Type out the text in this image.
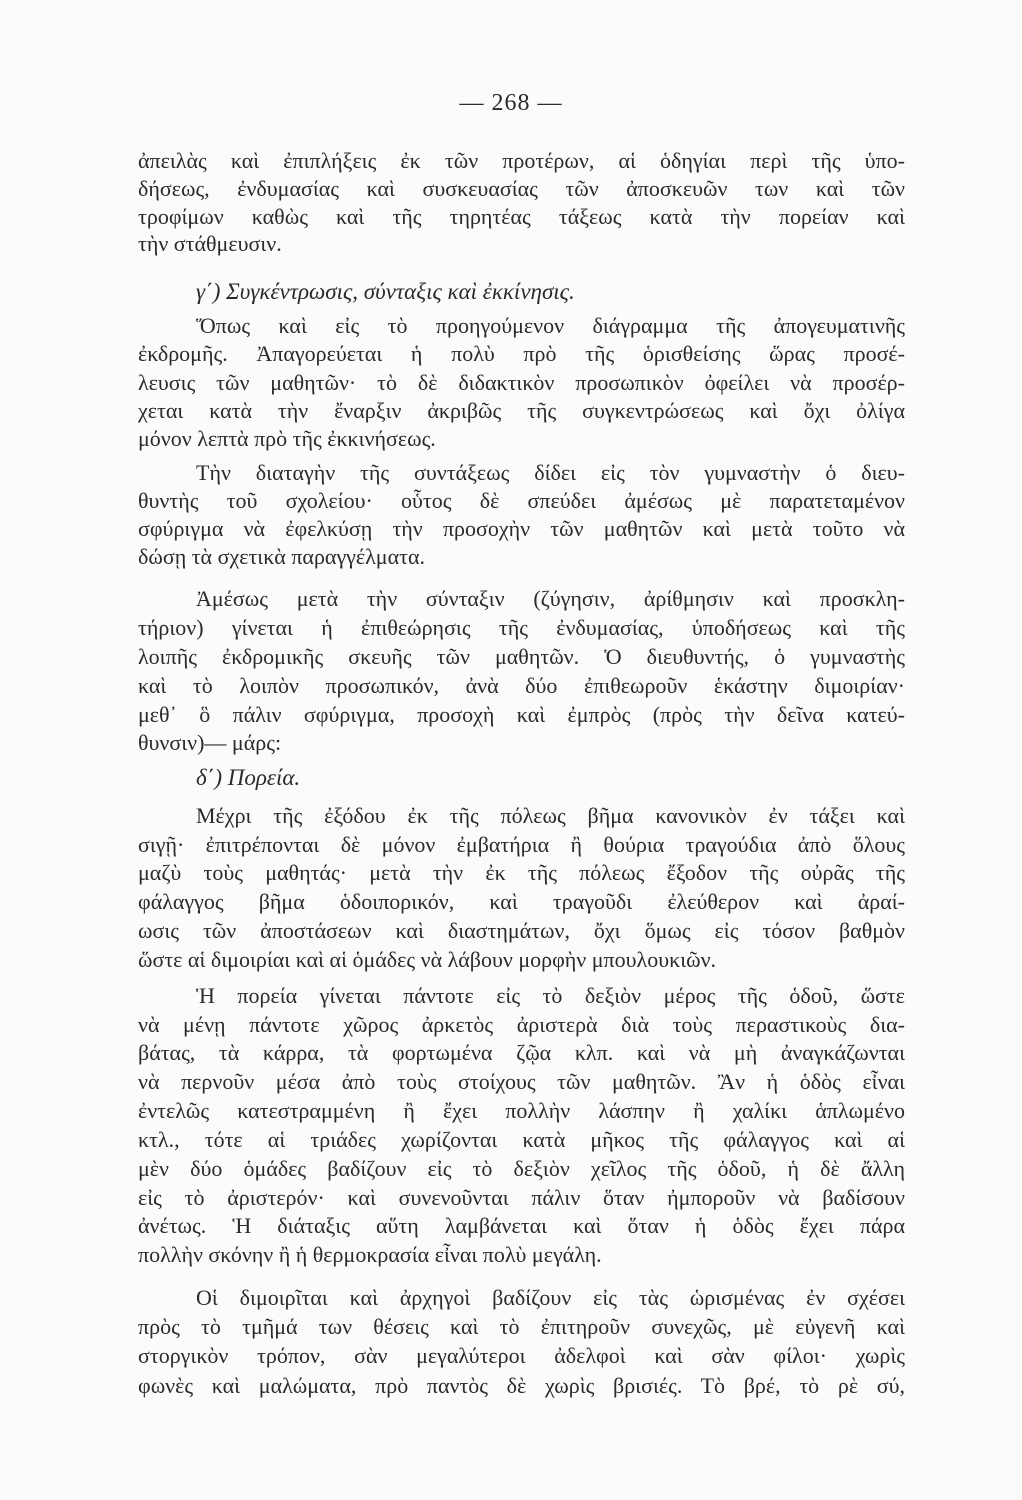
— 268 —
ἀπειλὰς καὶ ἐπιπλήξεις ἐκ τῶν προτέρων, αἱ ὁδηγίαι περὶ τῆς ὑπο-
δήσεως, ἐνδυμασίας καὶ συσκευασίας τῶν ἀποσκευῶν των καὶ τῶν
τροφίμων καθὼς καὶ τῆς τηρητέας τάξεως κατὰ τὴν πορείαν καὶ
τὴν στάθμευσιν.
γ΄) Συγκέντρωσις, σύνταξις καὶ ἐκκίνησις.
Ὅπως καὶ εἰς τὸ προηγούμενον διάγραμμα τῆς ἀπογευματινῆς
ἐκδρομῆς. Ἀπαγορεύεται ἡ πολὺ πρὸ τῆς ὁρισθείσης ὥρας προσέ-
λευσις τῶν μαθητῶν· τὸ δὲ διδακτικὸν προσωπικὸν ὀφείλει νὰ προσέρ-
χεται κατὰ τὴν ἔναρξιν ἀκριβῶς τῆς συγκεντρώσεως καὶ ὄχι ὀλίγα
μόνον λεπτὰ πρὸ τῆς ἐκκινήσεως.
Τὴν διαταγὴν τῆς συντάξεως δίδει εἰς τὸν γυμναστὴν ὁ διευ-
θυντὴς τοῦ σχολείου· οὗτος δὲ σπεύδει ἀμέσως μὲ παρατεταμένον
σφύριγμα νὰ ἐφελκύσῃ τὴν προσοχὴν τῶν μαθητῶν καὶ μετὰ τοῦτο νὰ
δώσῃ τὰ σχετικὰ παραγγέλματα.
Ἀμέσως μετὰ τὴν σύνταξιν (ζύγησιν, ἀρίθμησιν καὶ προσκλη-
τήριον) γίνεται ἡ ἐπιθεώρησις τῆς ἐνδυμασίας, ὑποδήσεως καὶ τῆς
λοιπῆς ἐκδρομικῆς σκευῆς τῶν μαθητῶν. Ὁ διευθυντής, ὁ γυμναστὴς
καὶ τὸ λοιπὸν προσωπικόν, ἀνὰ δύο ἐπιθεωροῦν ἑκάστην διμοιρίαν·
μεθ᾽ ὃ πάλιν σφύριγμα, προσοχὴ καὶ ἐμπρὸς (πρὸς τὴν δεῖνα κατεύ-
θυνσιν)— μάρς:
δ΄) Πορεία.
Μέχρι τῆς ἐξόδου ἐκ τῆς πόλεως βῆμα κανονικὸν ἐν τάξει καὶ
σιγῇ· ἐπιτρέπονται δὲ μόνον ἐμβατήρια ἢ θούρια τραγούδια ἀπὸ ὅλους
μαζὺ τοὺς μαθητάς· μετὰ τὴν ἐκ τῆς πόλεως ἔξοδον τῆς οὐρᾶς τῆς
φάλαγγος βῆμα ὁδοιπορικόν, καὶ τραγοῦδι ἐλεύθερον καὶ ἀραί-
ωσις τῶν ἀποστάσεων καὶ διαστημάτων, ὄχι ὅμως εἰς τόσον βαθμὸν
ὥστε αἱ διμοιρίαι καὶ αἱ ὁμάδες νὰ λάβουν μορφὴν μπουλουκιῶν.
Ἡ πορεία γίνεται πάντοτε εἰς τὸ δεξιὸν μέρος τῆς ὁδοῦ, ὥστε
νὰ μένῃ πάντοτε χῶρος ἀρκετὸς ἀριστερὰ διὰ τοὺς περαστικοὺς δια-
βάτας, τὰ κάρρα, τὰ φορτωμένα ζῷα κλπ. καὶ νὰ μὴ ἀναγκάζωνται
νὰ περνοῦν μέσα ἀπὸ τοὺς στοίχους τῶν μαθητῶν. Ἂν ἡ ὁδὸς εἶναι
ἐντελῶς κατεστραμμένη ἢ ἔχει πολλὴν λάσπην ἢ χαλίκι ἁπλωμένο
κτλ., τότε αἱ τριάδες χωρίζονται κατὰ μῆκος τῆς φάλαγγος καὶ αἱ
μὲν δύο ὁμάδες βαδίζουν εἰς τὸ δεξιὸν χεῖλος τῆς ὁδοῦ, ἡ δὲ ἄλλη
εἰς τὸ ἀριστερόν· καὶ συνενοῦνται πάλιν ὅταν ἠμποροῦν νὰ βαδίσουν
ἀνέτως. Ἡ διάταξις αὕτη λαμβάνεται καὶ ὅταν ἡ ὁδὸς ἔχει πάρα
πολλὴν σκόνην ἢ ἡ θερμοκρασία εἶναι πολὺ μεγάλη.
Οἱ διμοιρῖται καὶ ἀρχηγοὶ βαδίζουν εἰς τὰς ὡρισμένας ἐν σχέσει
πρὸς τὸ τμῆμά των θέσεις καὶ τὸ ἐπιτηροῦν συνεχῶς, μὲ εὐγενῆ καὶ
στοργικὸν τρόπον, σὰν μεγαλύτεροι ἀδελφοὶ καὶ σὰν φίλοι· χωρὶς
φωνὲς καὶ μαλώματα, πρὸ παντὸς δὲ χωρὶς βρισιές. Τὸ βρέ, τὸ ρὲ σύ,
